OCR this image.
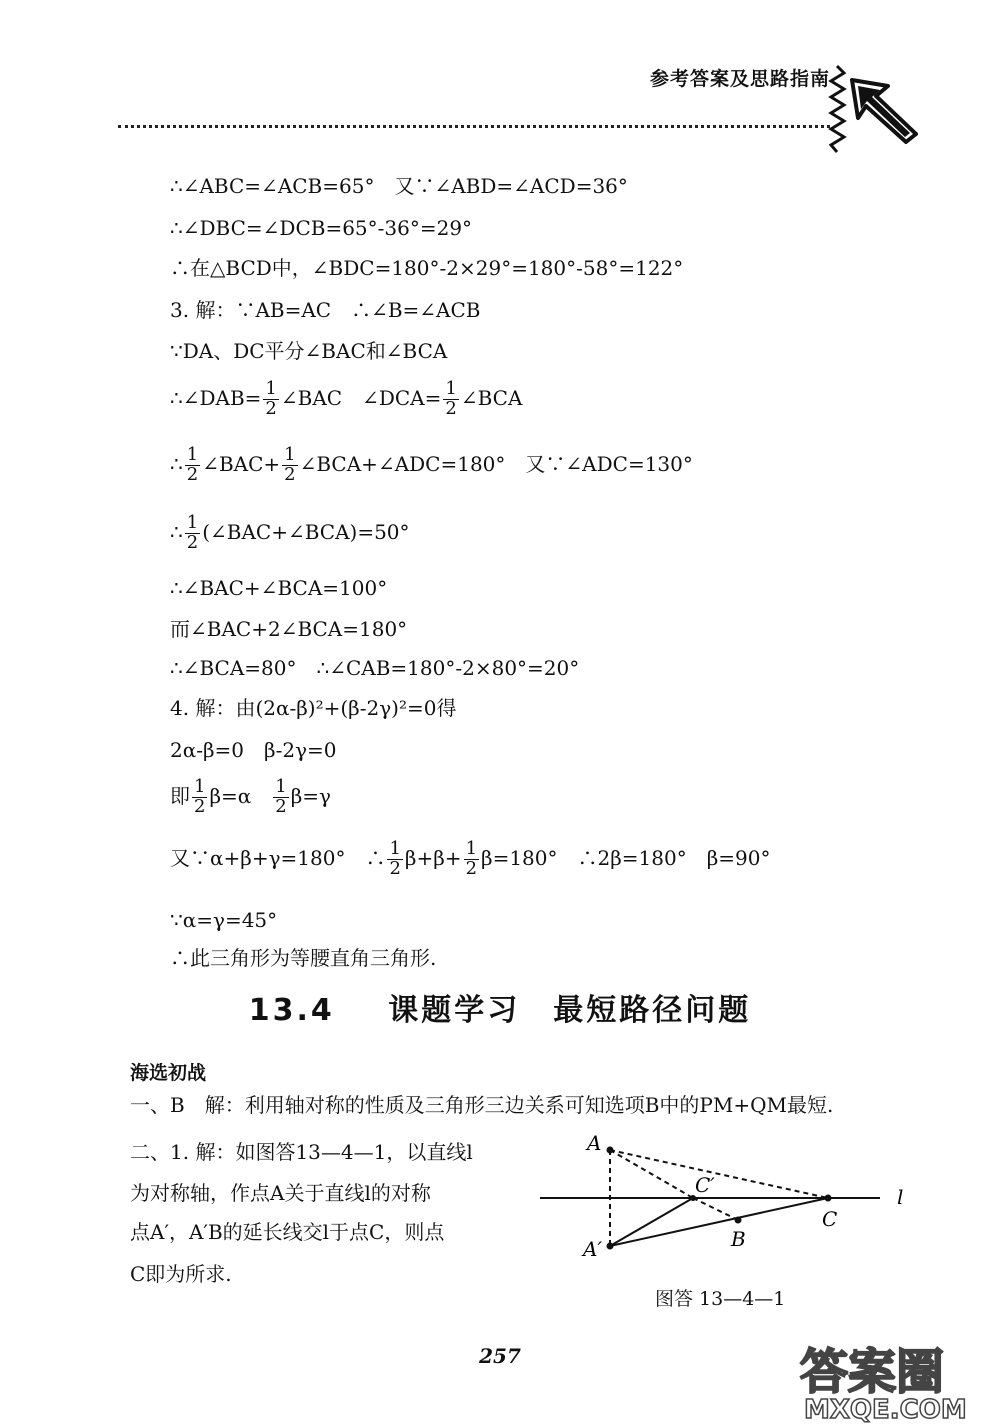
参考答案及思路指南
∴∠ABC=∠ACB=65°　又∵∠ABD=∠ACD=36°
∴∠DBC=∠DCB=65°-36°=29°
∴在△BCD中，∠BDC=180°-2×29°=180°-58°=122°
3. 解：∵AB=AC　∴∠B=∠ACB
∵DA、DC平分∠BAC和∠BCA
∴∠DAB= $\frac{1}{2}$ ∠BAC　∠DCA= $\frac{1}{2}$ ∠BCA
∴ $\frac{1}{2}$ ∠BAC+ $\frac{1}{2}$ ∠BCA+∠ADC=180°　又∵∠ADC=130°
∴ $\frac{1}{2}$ (∠BAC+∠BCA)=50°
∴∠BAC+∠BCA=100°
而∠BAC+2∠BCA=180°
∴∠BCA=80°　∴∠CAB=180°-2×80°=20°
4. 解：由(2α-β)²+(β-2γ)²=0得
2α-β=0　β-2γ=0
即 $\frac{1}{2} \beta=\alpha$　 $\frac{1}{2} \beta=\gamma$
又∵α+β+γ=180°　∴ $\frac{1}{2} \beta+\beta+ \frac{1}{2} \beta=180^\circ$　∴2β=180°　β=90°
∵α=γ=45°
∴此三角形为等腰直角三角形.
13.4 课题学习　最短路径问题
海选初战
一、B　解：利用轴对称的性质及三角形三边关系可知选项B中的PM+QM最短.
二、1. 解：如图答13—4—1，以直线l
为对称轴，作点A关于直线l的对称
点A′，A′B的延长线交l于点C，则点
C即为所求.
A
A′
C′
B
C
l
图答 13—4—1
257	答案圈
MXQE.COM
